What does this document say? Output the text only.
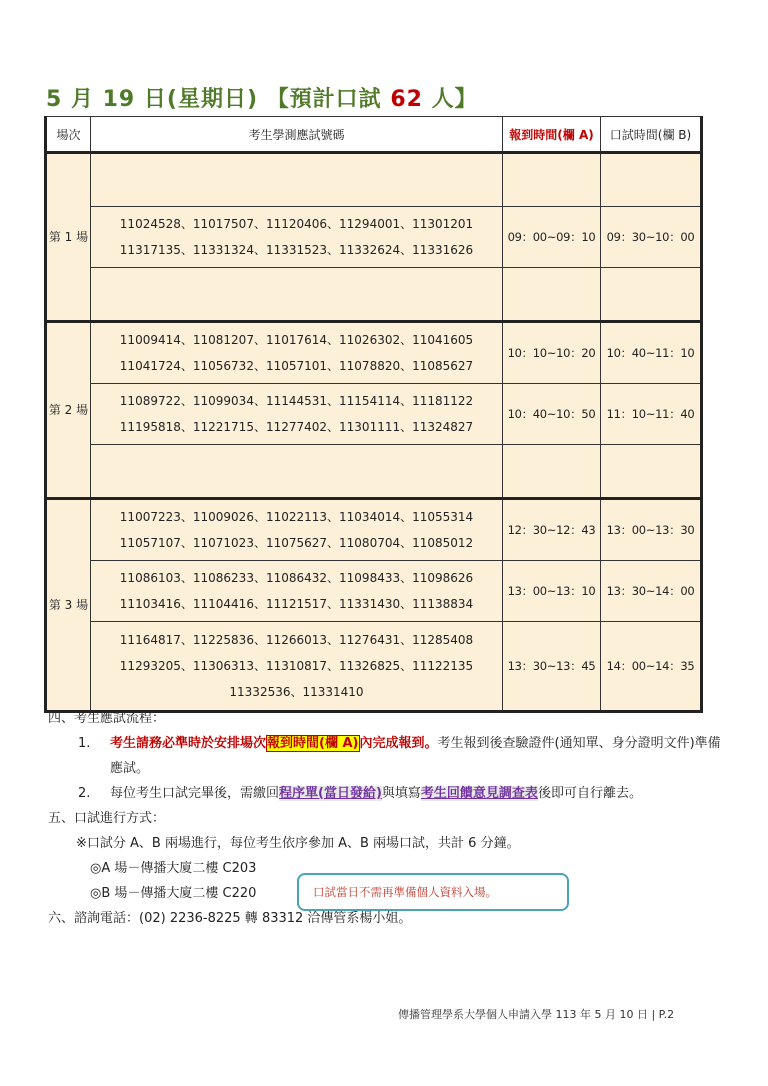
5 月 19 日(星期日) 【預計口試 62 人】
場次	考生學測應試號碼	報到時間(欄 A)	口試時間(欄 B)
第 1 場			

	11024528、11017507、11120406、11294001、11301201
11317135、11331324、11331523、11332624、11331626	09：00~09：10	09：30~10：00

第 2 場	11009414、11081207、11017614、11026302、11041605
11041724、11056732、11057101、11078820、11085627	10：10~10：20	10：40~11：10

	11089722、11099034、11144531、11154114、11181122
11195818、11221715、11277402、11301111、11324827	10：40~10：50	11：10~11：40

第 3 場	11007223、11009026、11022113、11034014、11055314
11057107、11071023、11075627、11080704、11085012	12：30~12：43	13：00~13：30

	11086103、11086233、11086432、11098433、11098626
11103416、11104416、11121517、11331430、11138834	13：00~13：10	13：30~14：00

	11164817、11225836、11266013、11276431、11285408
11293205、11306313、11310817、11326825、11122135
11332536、11331410	13：30~13：45	14：00~14：35
四、考生應試流程：
1. 考生請務必準時於安排場次報到時間(欄 A)內完成報到。考生報到後查驗證件(通知單、身分證明文件)準備應試。
2. 每位考生口試完畢後，需繳回程序單(當日發給)與填寫考生回饋意見調查表後即可自行離去。
五、口試進行方式：
※口試分 A、B 兩場進行，每位考生依序參加 A、B 兩場口試，共計 6 分鐘。
◎A 場－傳播大廈二樓 C203
◎B 場－傳播大廈二樓 C220
六、諮詢電話：(02) 2236-8225 轉 83312 洽傳管系楊小姐。
口試當日不需再準備個人資料入場。
傳播管理學系大學個人申請入學 113 年 5 月 10 日 | P.2
